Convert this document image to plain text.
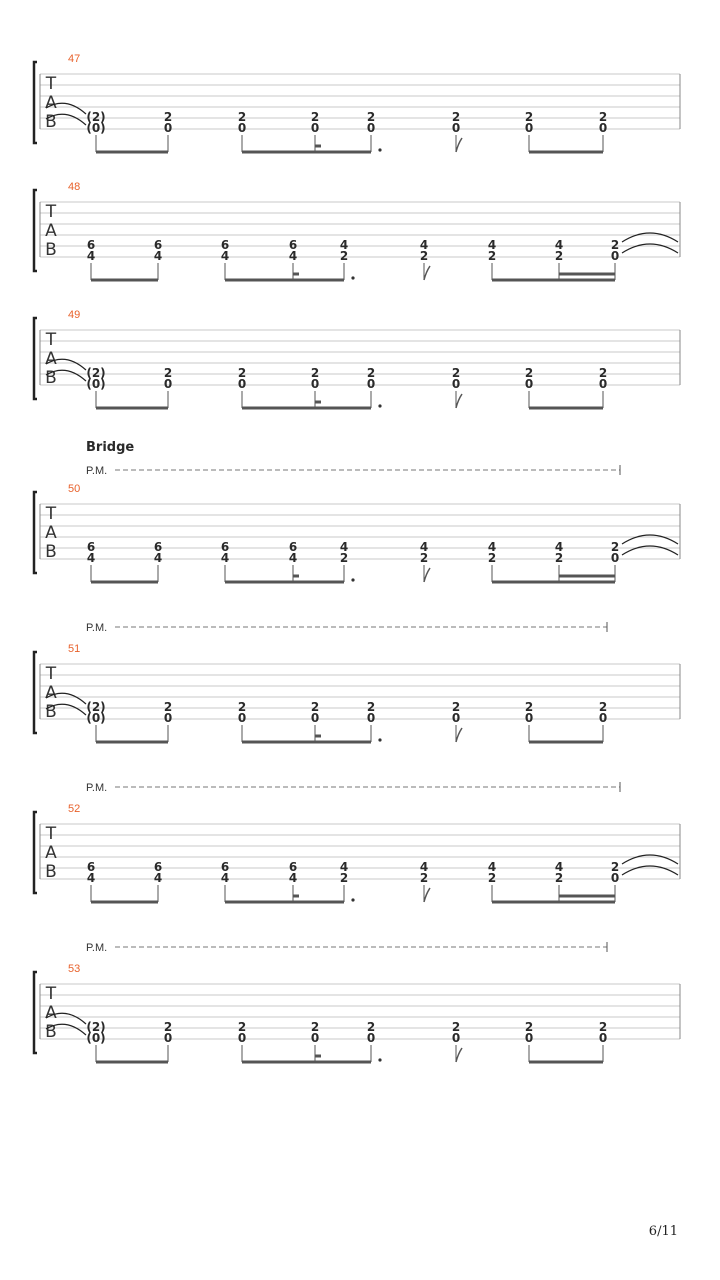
T
A
B
47
(2)
(0)
2
0
2
0
2
0
2
0
2
0
2
0
2
0
T
A
B
48
6
4
6
4
6
4
6
4
4
2
4
2
4
2
4
2
2
0
T
A
B
49
(2)
(0)
2
0
2
0
2
0
2
0
2
0
2
0
2
0
T
A
B
50
Bridge
P.M.
6
4
6
4
6
4
6
4
4
2
4
2
4
2
4
2
2
0
T
A
B
51
P.M.
(2)
(0)
2
0
2
0
2
0
2
0
2
0
2
0
2
0
T
A
B
52
P.M.
6
4
6
4
6
4
6
4
4
2
4
2
4
2
4
2
2
0
T
A
B
53
P.M.
(2)
(0)
2
0
2
0
2
0
2
0
2
0
2
0
2
0
6/11
